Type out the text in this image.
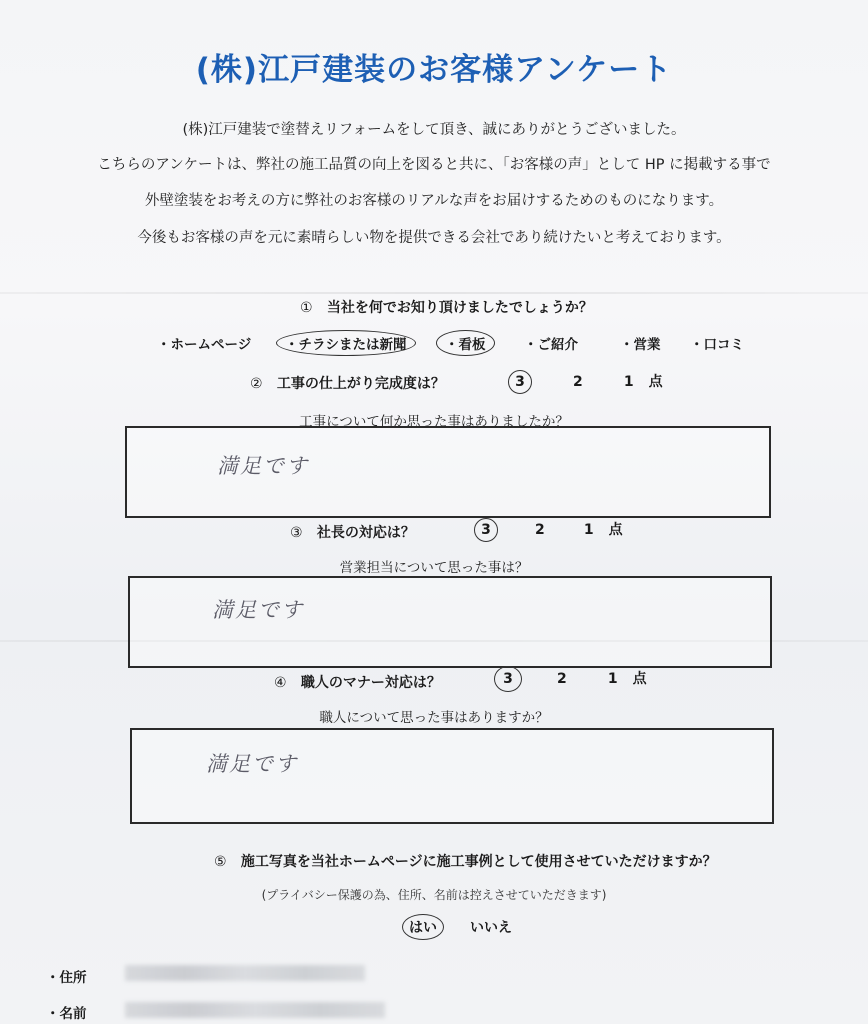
(株)江戸建装のお客様アンケート
(株)江戸建装で塗替えリフォームをして頂き、誠にありがとうございました。
こちらのアンケートは、弊社の施工品質の向上を図ると共に、「お客様の声」として HP に掲載する事で
外壁塗装をお考えの方に弊社のお客様のリアルな声をお届けするためのものになります。
今後もお客様の声を元に素晴らしい物を提供できる会社であり続けたいと考えております。
① 当社を何でお知り頂けましたでしょうか？
・ホームページ	・チラシまたは新聞	・看板	・ご紹介	・営業 ・口コミ
② 工事の仕上がり完成度は？	3	2	1 点
工事について何か思った事はありましたか？
満足です
③ 社長の対応は？	3	2	1 点
営業担当について思った事は？
満足です
④ 職人のマナー対応は？	3	2	1 点
職人について思った事はありますか？
満足です
⑤ 施工写真を当社ホームページに施工事例として使用させていただけますか？
(プライバシー保護の為、住所、名前は控えさせていただきます)
はい	いいえ
・住所
・名前
